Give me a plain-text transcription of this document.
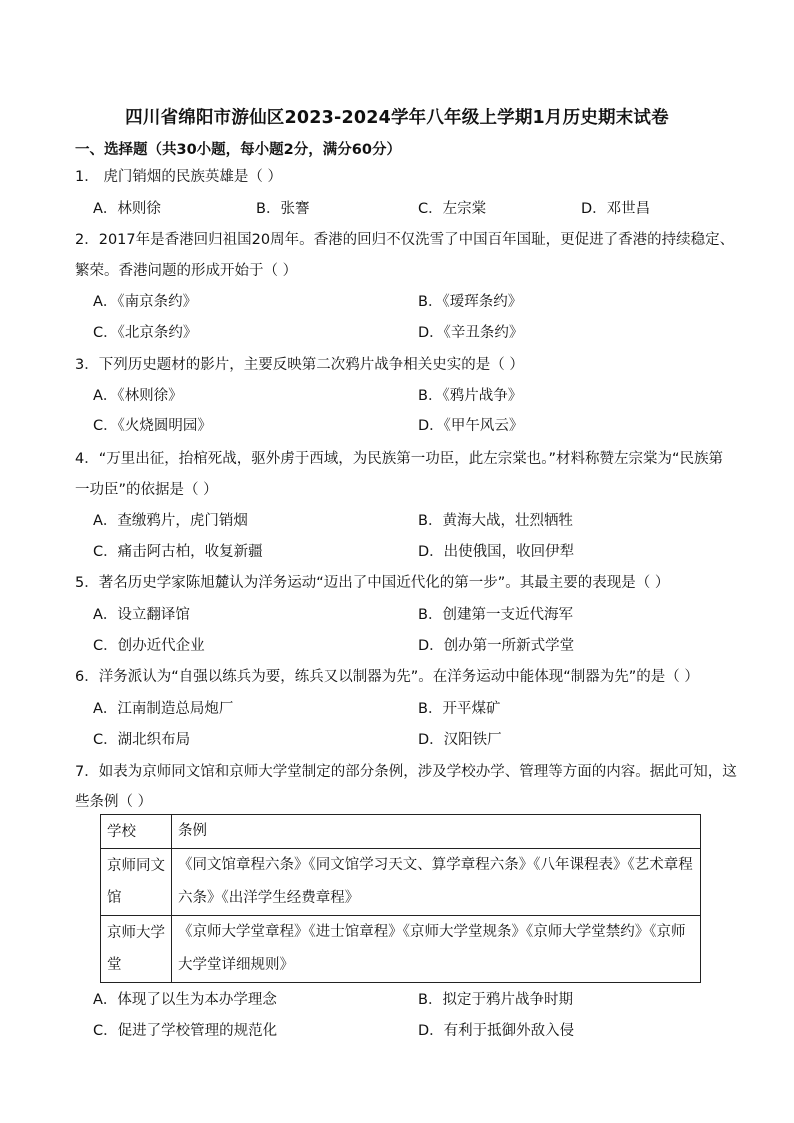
四川省绵阳市游仙区2023-2024学年八年级上学期1月历史期末试卷
一、选择题（共30小题，每小题2分，满分60分）
1． 虎门销烟的民族英雄是（ ）
A．林则徐	B．张謇	C．左宗棠	D．邓世昌
2．2017年是香港回归祖国20周年。香港的回归不仅洗雪了中国百年国耻，更促进了香港的持续稳定、
繁荣。香港问题的形成开始于（ ）
A．《南京条约》	B．《瑷珲条约》
C．《北京条约》	D．《辛丑条约》
3．下列历史题材的影片，主要反映第二次鸦片战争相关史实的是（ ）
A．《林则徐》	B．《鸦片战争》
C．《火烧圆明园》	D．《甲午风云》
4．“万里出征，抬棺死战，驱外虏于西域，为民族第一功臣，此左宗棠也。”材料称赞左宗棠为“民族第
一功臣”的依据是（ ）
A．查缴鸦片，虎门销烟	B．黄海大战，壮烈牺牲
C．痛击阿古柏，收复新疆	D．出使俄国，收回伊犁
5．著名历史学家陈旭麓认为洋务运动“迈出了中国近代化的第一步”。其最主要的表现是（ ）
A．设立翻译馆	B．创建第一支近代海军
C．创办近代企业	D．创办第一所新式学堂
6．洋务派认为“自强以练兵为要，练兵又以制器为先”。在洋务运动中能体现“制器为先”的是（ ）
A．江南制造总局炮厂	B．开平煤矿
C．湖北织布局	D．汉阳铁厂
7．如表为京师同文馆和京师大学堂制定的部分条例，涉及学校办学、管理等方面的内容。据此可知，这
些条例（ ）
学校	条例
京师同文馆	《同文馆章程六条》《同文馆学习天文、算学章程六条》《八年课程表》《艺术章程六条》《出洋学生经费章程》
京师大学堂	《京师大学堂章程》《进士馆章程》《京师大学堂规条》《京师大学堂禁约》《京师大学堂详细规则》
A．体现了以生为本办学理念	B．拟定于鸦片战争时期
C．促进了学校管理的规范化	D．有利于抵御外敌入侵
